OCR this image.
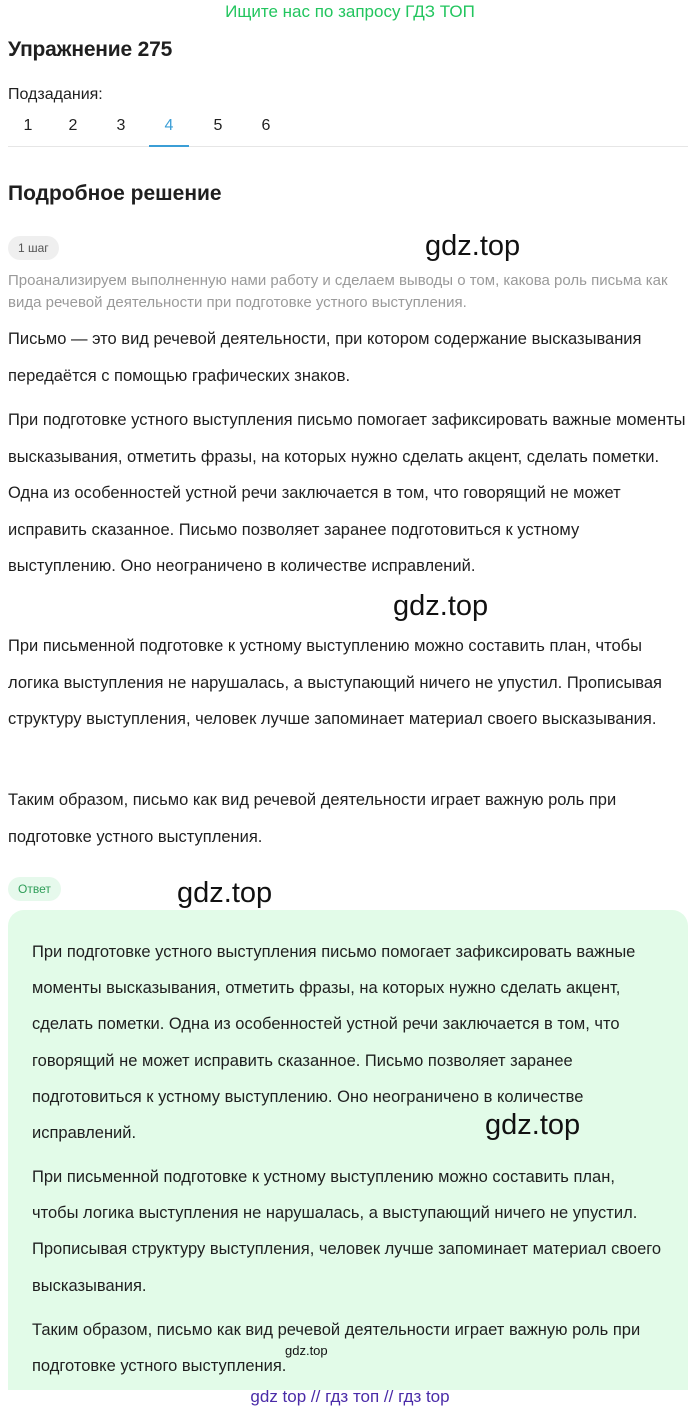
Ищите нас по запросу ГДЗ ТОП
Упражнение 275
Подзадания:
1	2	3	4	5	6
Подробное решение
1 шаг	gdz.top

Проанализируем выполненную нами работу и сделаем выводы о том, какова роль письма как вида речевой деятельности при подготовке устного выступления.

Письмо — это вид речевой деятельности, при котором содержание высказывания передаётся с помощью графических знаков.

При подготовке устного выступления письмо помогает зафиксировать важные моменты высказывания, отметить фразы, на которых нужно сделать акцент, сделать пометки. Одна из особенностей устной речи заключается в том, что говорящий не может исправить сказанное. Письмо позволяет заранее подготовиться к устному выступлению. Оно неограничено в количестве исправлений.

gdz.top

При письменной подготовке к устному выступлению можно составить план, чтобы логика выступления не нарушалась, а выступающий ничего не упустил. Прописывая структуру выступления, человек лучше запоминает материал своего высказывания.

Таким образом, письмо как вид речевой деятельности играет важную роль при подготовке устного выступления.

Ответ	gdz.top

При подготовке устного выступления письмо помогает зафиксировать важные моменты высказывания, отметить фразы, на которых нужно сделать акцент, сделать пометки. Одна из особенностей устной речи заключается в том, что говорящий не может исправить сказанное. Письмо позволяет заранее подготовиться к устному выступлению. Оно неограничено в количестве исправлений.	gdz.top

При письменной подготовке к устному выступлению можно составить план, чтобы логика выступления не нарушалась, а выступающий ничего не упустил. Прописывая структуру выступления, человек лучше запоминает материал своего высказывания.

Таким образом, письмо как вид речевой деятельности играет важную роль при подготовке устного выступления.

gdz.top
gdz top // гдз топ // гдз top
